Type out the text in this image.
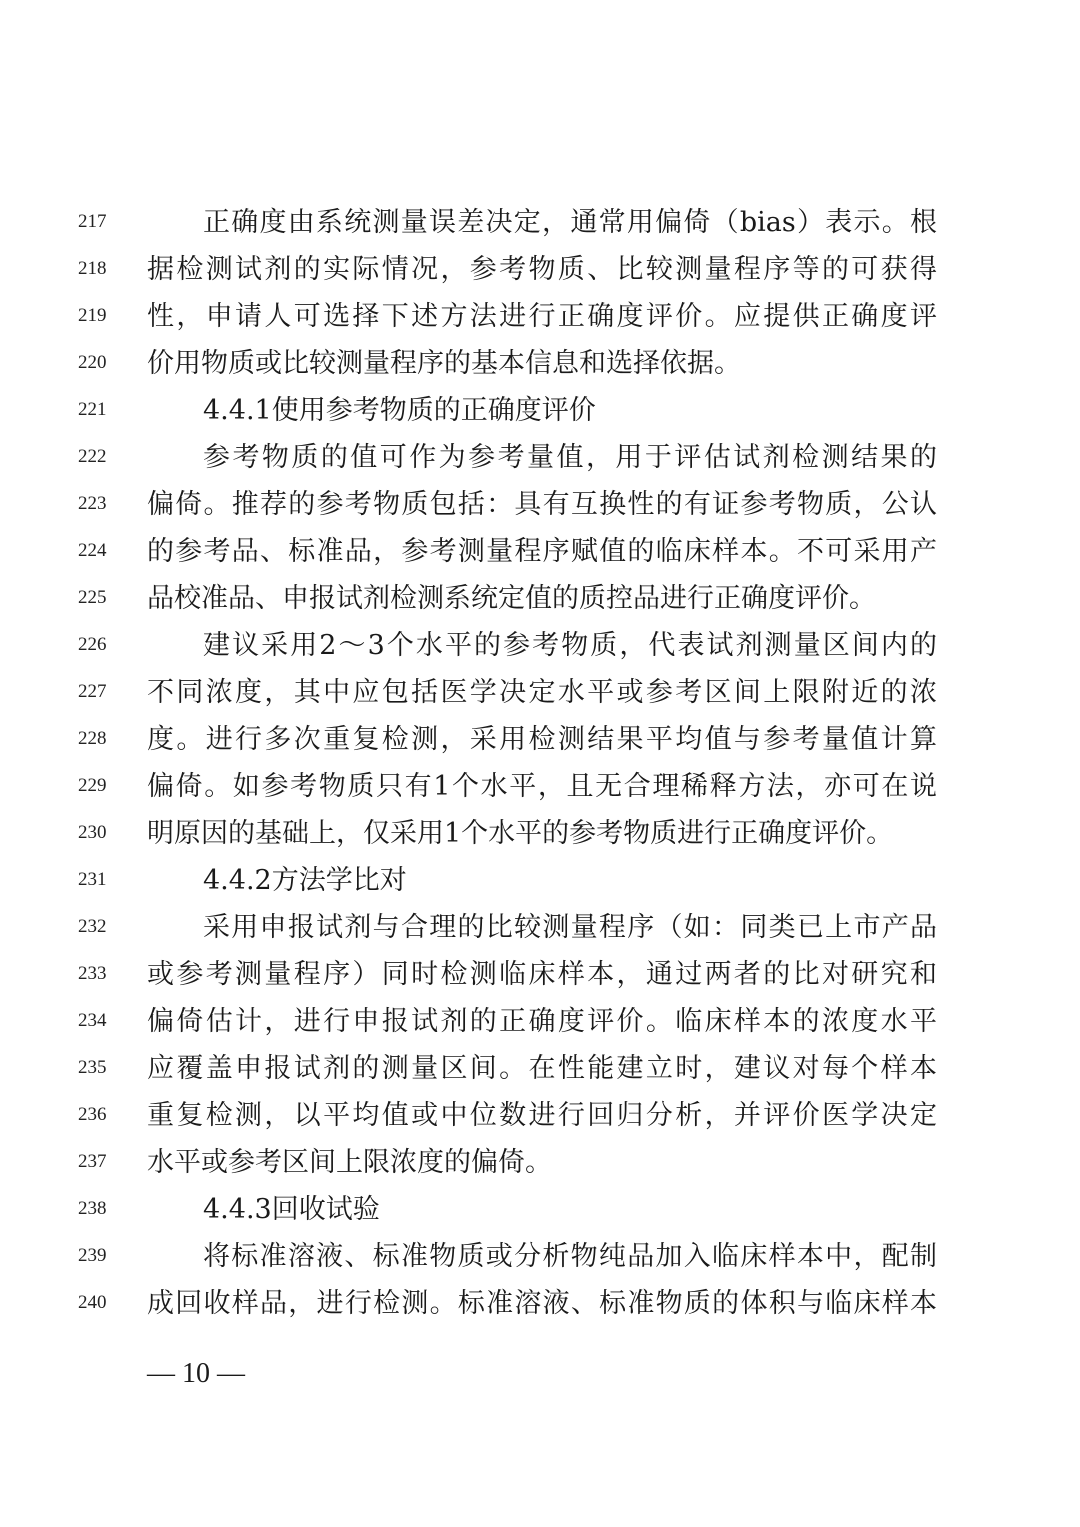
217	正确度由系统测量误差决定，通常用偏倚（bias）表示。根
218	据检测试剂的实际情况，参考物质、比较测量程序等的可获得
219	性，申请人可选择下述方法进行正确度评价。应提供正确度评
220	价用物质或比较测量程序的基本信息和选择依据。
221	4.4.1使用参考物质的正确度评价
222	参考物质的值可作为参考量值，用于评估试剂检测结果的
223	偏倚。推荐的参考物质包括：具有互换性的有证参考物质，公认
224	的参考品、标准品，参考测量程序赋值的临床样本。不可采用产
225	品校准品、申报试剂检测系统定值的质控品进行正确度评价。
226	建议采用2～3个水平的参考物质，代表试剂测量区间内的
227	不同浓度，其中应包括医学决定水平或参考区间上限附近的浓
228	度。进行多次重复检测，采用检测结果平均值与参考量值计算
229	偏倚。如参考物质只有1个水平，且无合理稀释方法，亦可在说
230	明原因的基础上，仅采用1个水平的参考物质进行正确度评价。
231	4.4.2方法学比对
232	采用申报试剂与合理的比较测量程序（如：同类已上市产品
233	或参考测量程序）同时检测临床样本，通过两者的比对研究和
234	偏倚估计，进行申报试剂的正确度评价。临床样本的浓度水平
235	应覆盖申报试剂的测量区间。在性能建立时，建议对每个样本
236	重复检测，以平均值或中位数进行回归分析，并评价医学决定
237	水平或参考区间上限浓度的偏倚。
238	4.4.3回收试验
239	将标准溶液、标准物质或分析物纯品加入临床样本中，配制
240	成回收样品，进行检测。标准溶液、标准物质的体积与临床样本
— 10 —
